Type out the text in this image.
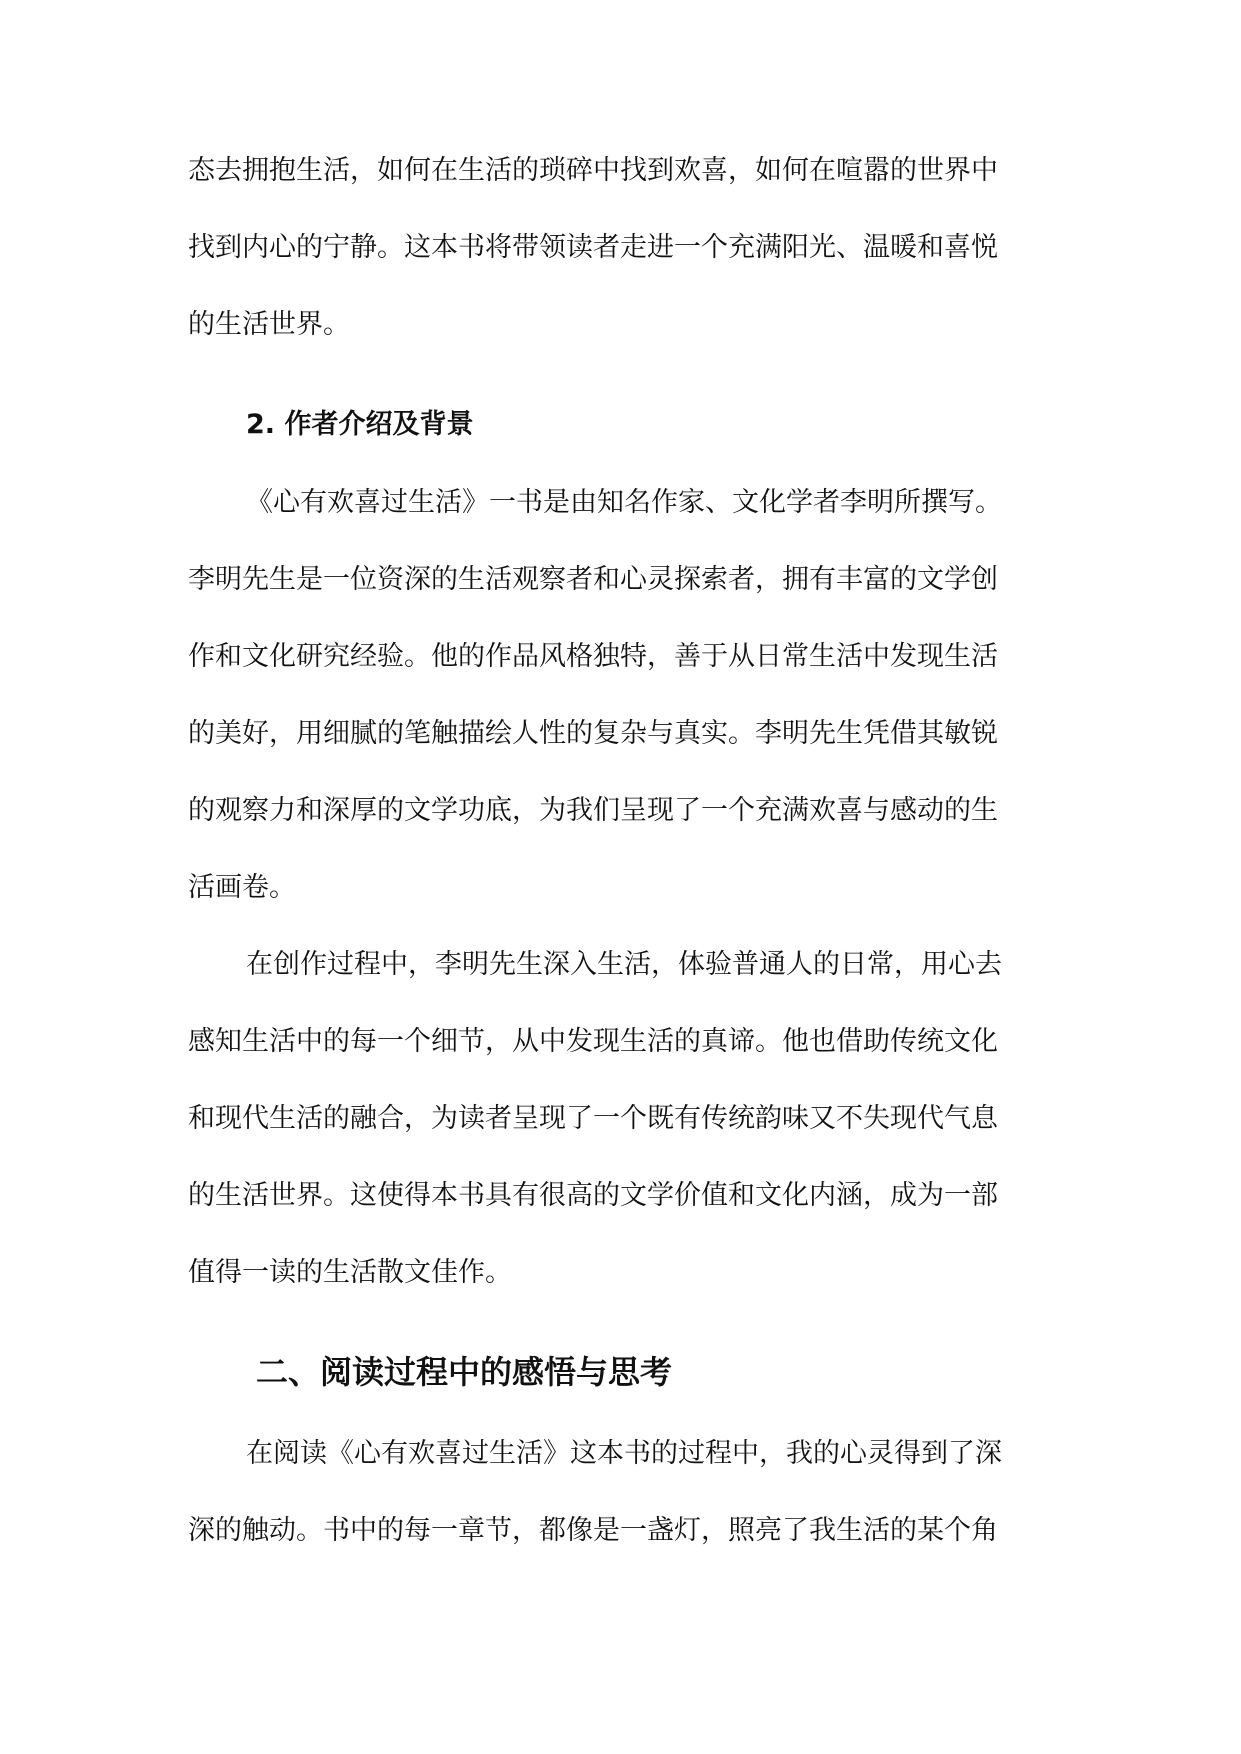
态去拥抱生活，如何在生活的琐碎中找到欢喜，如何在喧嚣的世界中
找到内心的宁静。这本书将带领读者走进一个充满阳光、温暖和喜悦
的生活世界。
2. 作者介绍及背景
《心有欢喜过生活》一书是由知名作家、文化学者李明所撰写。
李明先生是一位资深的生活观察者和心灵探索者，拥有丰富的文学创
作和文化研究经验。他的作品风格独特，善于从日常生活中发现生活
的美好，用细腻的笔触描绘人性的复杂与真实。李明先生凭借其敏锐
的观察力和深厚的文学功底，为我们呈现了一个充满欢喜与感动的生
活画卷。
在创作过程中，李明先生深入生活，体验普通人的日常，用心去
感知生活中的每一个细节，从中发现生活的真谛。他也借助传统文化
和现代生活的融合，为读者呈现了一个既有传统韵味又不失现代气息
的生活世界。这使得本书具有很高的文学价值和文化内涵，成为一部
值得一读的生活散文佳作。
二、阅读过程中的感悟与思考
在阅读《心有欢喜过生活》这本书的过程中，我的心灵得到了深
深的触动。书中的每一章节，都像是一盏灯，照亮了我生活的某个角
